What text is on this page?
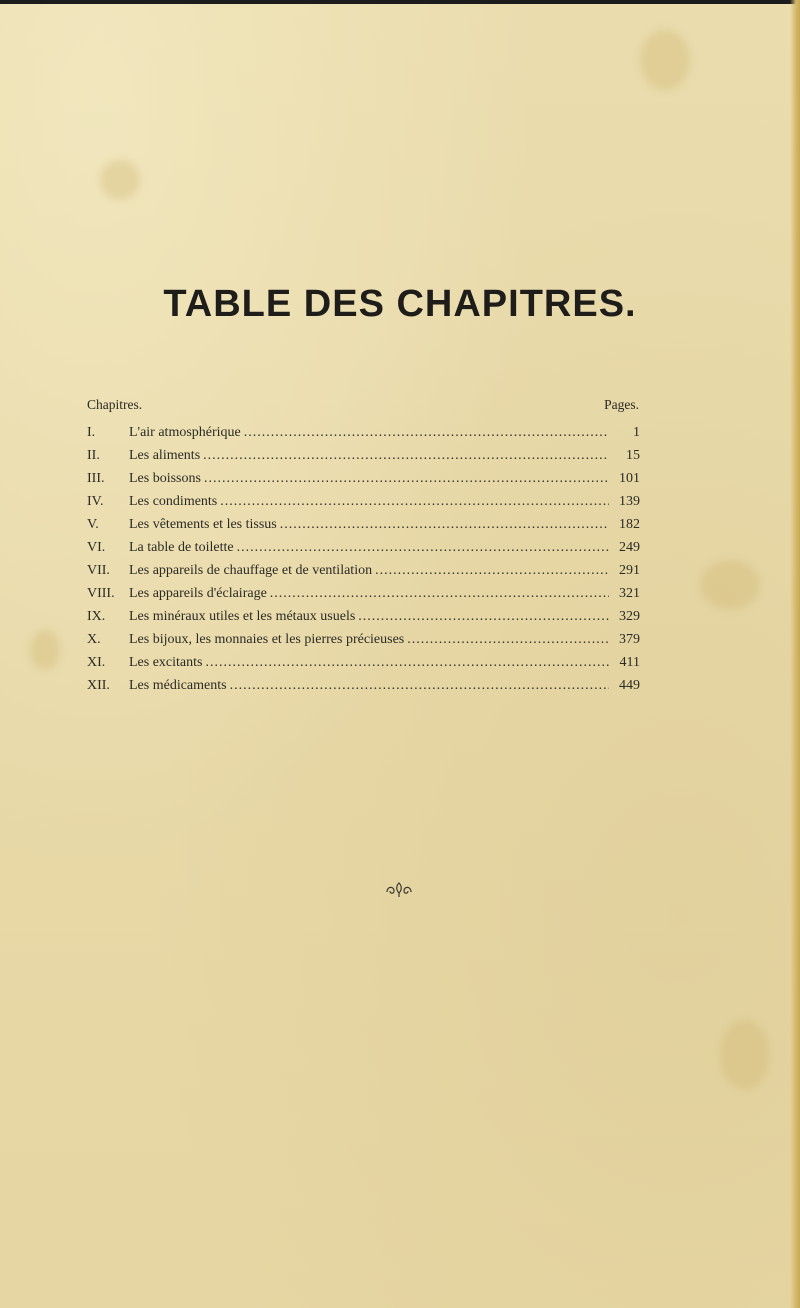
TABLE DES CHAPITRES.
Chapitres.	Pages.
I.	L'air atmosphérique .....	1
II.	Les aliments .....	15
III.	Les boissons .....	101
IV.	Les condiments .....	139
V.	Les vêtements et les tissus .....	182
VI.	La table de toilette .....	249
VII.	Les appareils de chauffage et de ventilation .....	291
VIII.	Les appareils d'éclairage .....	321
IX.	Les minéraux utiles et les métaux usuels .....	329
X.	Les bijoux, les monnaies et les pierres précieuses .....	379
XI.	Les excitants .....	411
XII.	Les médicaments .....	449
